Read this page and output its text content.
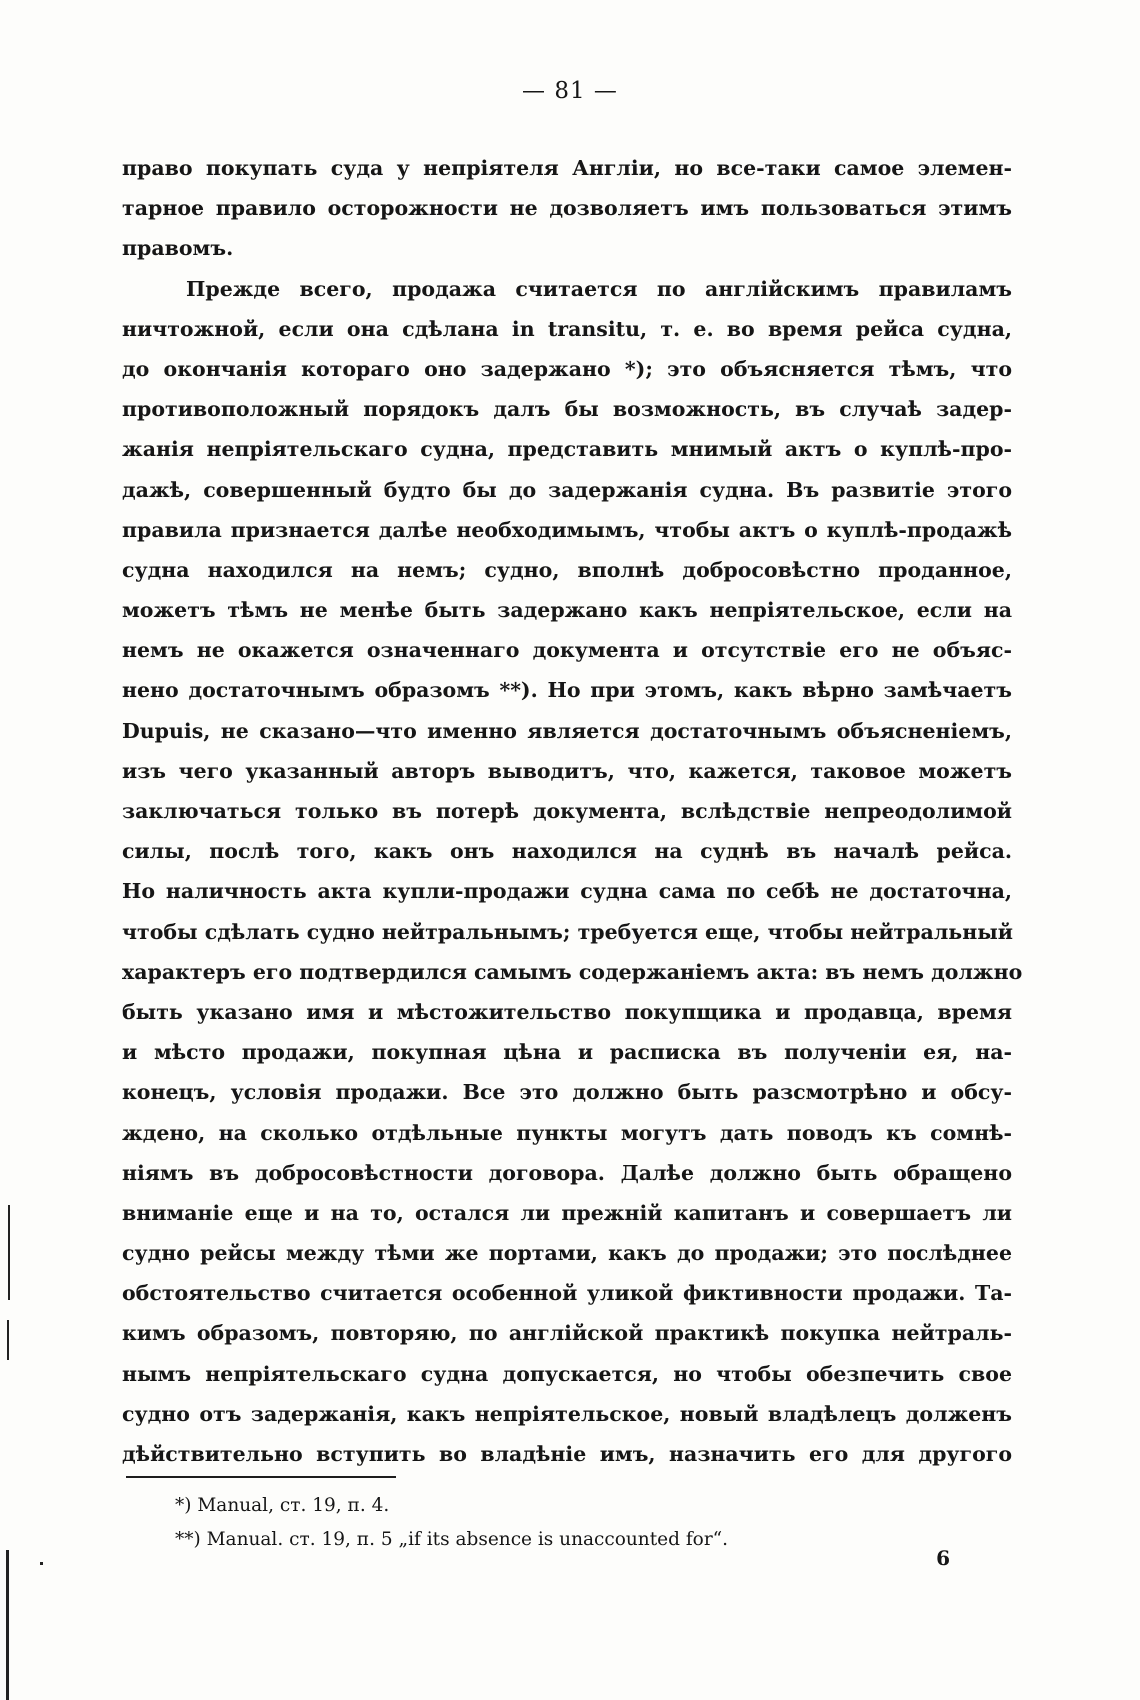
— 81 —
право покупать суда у непріятеля Англіи, но все-таки самое элемен-
тарное правило осторожности не дозволяетъ имъ пользоваться этимъ
правомъ.
Прежде всего, продажа считается по англійскимъ правиламъ
ничтожной, если она сдѣлана in transitu, т. е. во время рейса судна,
до окончанія котораго оно задержано *); это объясняется тѣмъ, что
противоположный порядокъ далъ бы возможность, въ случаѣ задер-
жанія непріятельскаго судна, представить мнимый актъ о куплѣ-про-
дажѣ, совершенный будто бы до задержанія судна. Въ развитіе этого
правила признается далѣе необходимымъ, чтобы актъ о куплѣ-продажѣ
судна находился на немъ; судно, вполнѣ добросовѣстно проданное,
можетъ тѣмъ не менѣе быть задержано какъ непріятельское, если на
немъ не окажется означеннаго документа и отсутствіе его не объяс-
нено достаточнымъ образомъ **). Но при этомъ, какъ вѣрно замѣчаетъ
Dupuis, не сказано—что именно является достаточнымъ объясненіемъ,
изъ чего указанный авторъ выводитъ, что, кажется, таковое можетъ
заключаться только въ потерѣ документа, вслѣдствіе непреодолимой
силы, послѣ того, какъ онъ находился на суднѣ въ началѣ рейса.
Но наличность акта купли-продажи судна сама по себѣ не достаточна,
чтобы сдѣлать судно нейтральнымъ; требуется еще, чтобы нейтральный
характеръ его подтвердился самымъ содержаніемъ акта: въ немъ должно
быть указано имя и мѣстожительство покупщика и продавца, время
и мѣсто продажи, покупная цѣна и расписка въ полученіи ея, на-
конецъ, условія продажи. Все это должно быть разсмотрѣно и обсу-
ждено, на сколько отдѣльные пункты могутъ дать поводъ къ сомнѣ-
ніямъ въ добросовѣстности договора. Далѣе должно быть обращено
вниманіе еще и на то, остался ли прежній капитанъ и совершаетъ ли
судно рейсы между тѣми же портами, какъ до продажи; это послѣднее
обстоятельство считается особенной уликой фиктивности продажи. Та-
кимъ образомъ, повторяю, по англійской практикѣ покупка нейтраль-
нымъ непріятельскаго судна допускается, но чтобы обезпечить свое
судно отъ задержанія, какъ непріятельское, новый владѣлецъ долженъ
дѣйствительно вступить во владѣніе имъ, назначить его для другого
*) Manual, ст. 19, п. 4.
**) Manual. ст. 19, п. 5 „if its absence is unaccounted for“.
6
